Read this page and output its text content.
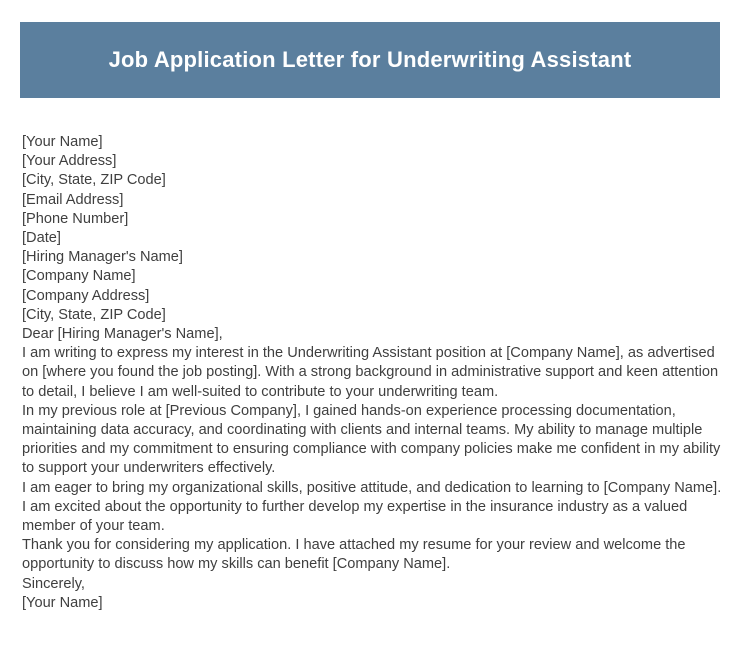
Job Application Letter for Underwriting Assistant

[Your Name]

[Your Address]

[City, State, ZIP Code]

[Email Address]

[Phone Number]

[Date]

[Hiring Manager's Name]

[Company Name]

[Company Address]

[City, State, ZIP Code]

Dear [Hiring Manager's Name],

I am writing to express my interest in the Underwriting Assistant position at [Company Name], as advertised on [where you found the job posting]. With a strong background in administrative support and keen attention to detail, I believe I am well-suited to contribute to your underwriting team.

In my previous role at [Previous Company], I gained hands-on experience processing documentation, maintaining data accuracy, and coordinating with clients and internal teams. My ability to manage multiple priorities and my commitment to ensuring compliance with company policies make me confident in my ability to support your underwriters effectively.

I am eager to bring my organizational skills, positive attitude, and dedication to learning to [Company Name]. I am excited about the opportunity to further develop my expertise in the insurance industry as a valued member of your team.

Thank you for considering my application. I have attached my resume for your review and welcome the opportunity to discuss how my skills can benefit [Company Name].

Sincerely,

[Your Name]
